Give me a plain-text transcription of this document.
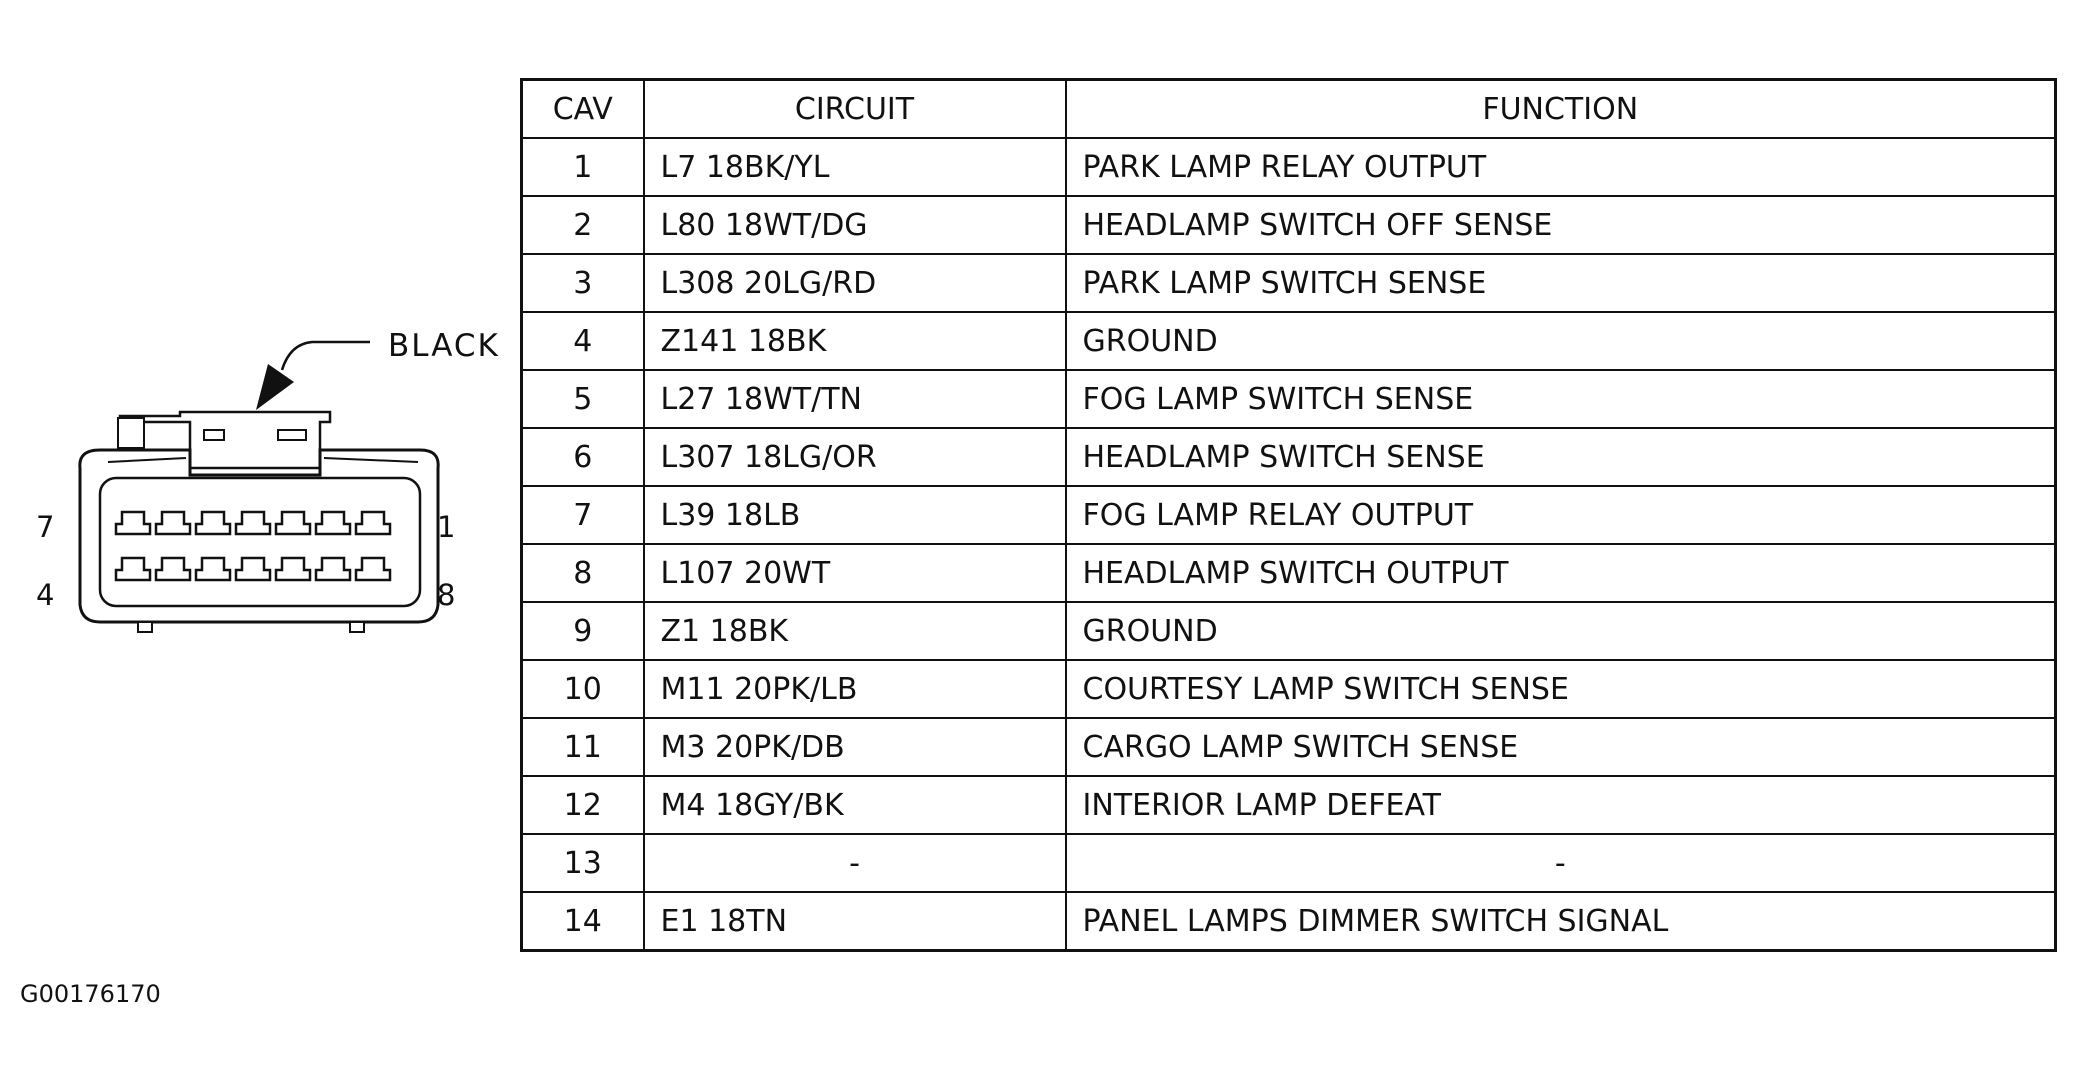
BLACK
7
4
1
8
CAV	CIRCUIT	FUNCTION
1	L7 18BK/YL	PARK LAMP RELAY OUTPUT
2	L80 18WT/DG	HEADLAMP SWITCH OFF SENSE
3	L308 20LG/RD	PARK LAMP SWITCH SENSE
4	Z141 18BK	GROUND
5	L27 18WT/TN	FOG LAMP SWITCH SENSE
6	L307 18LG/OR	HEADLAMP SWITCH SENSE
7	L39 18LB	FOG LAMP RELAY OUTPUT
8	L107 20WT	HEADLAMP SWITCH OUTPUT
9	Z1 18BK	GROUND
10	M11 20PK/LB	COURTESY LAMP SWITCH SENSE
11	M3 20PK/DB	CARGO LAMP SWITCH SENSE
12	M4 18GY/BK	INTERIOR LAMP DEFEAT
13	-	-
14	E1 18TN	PANEL LAMPS DIMMER SWITCH SIGNAL
G00176170
